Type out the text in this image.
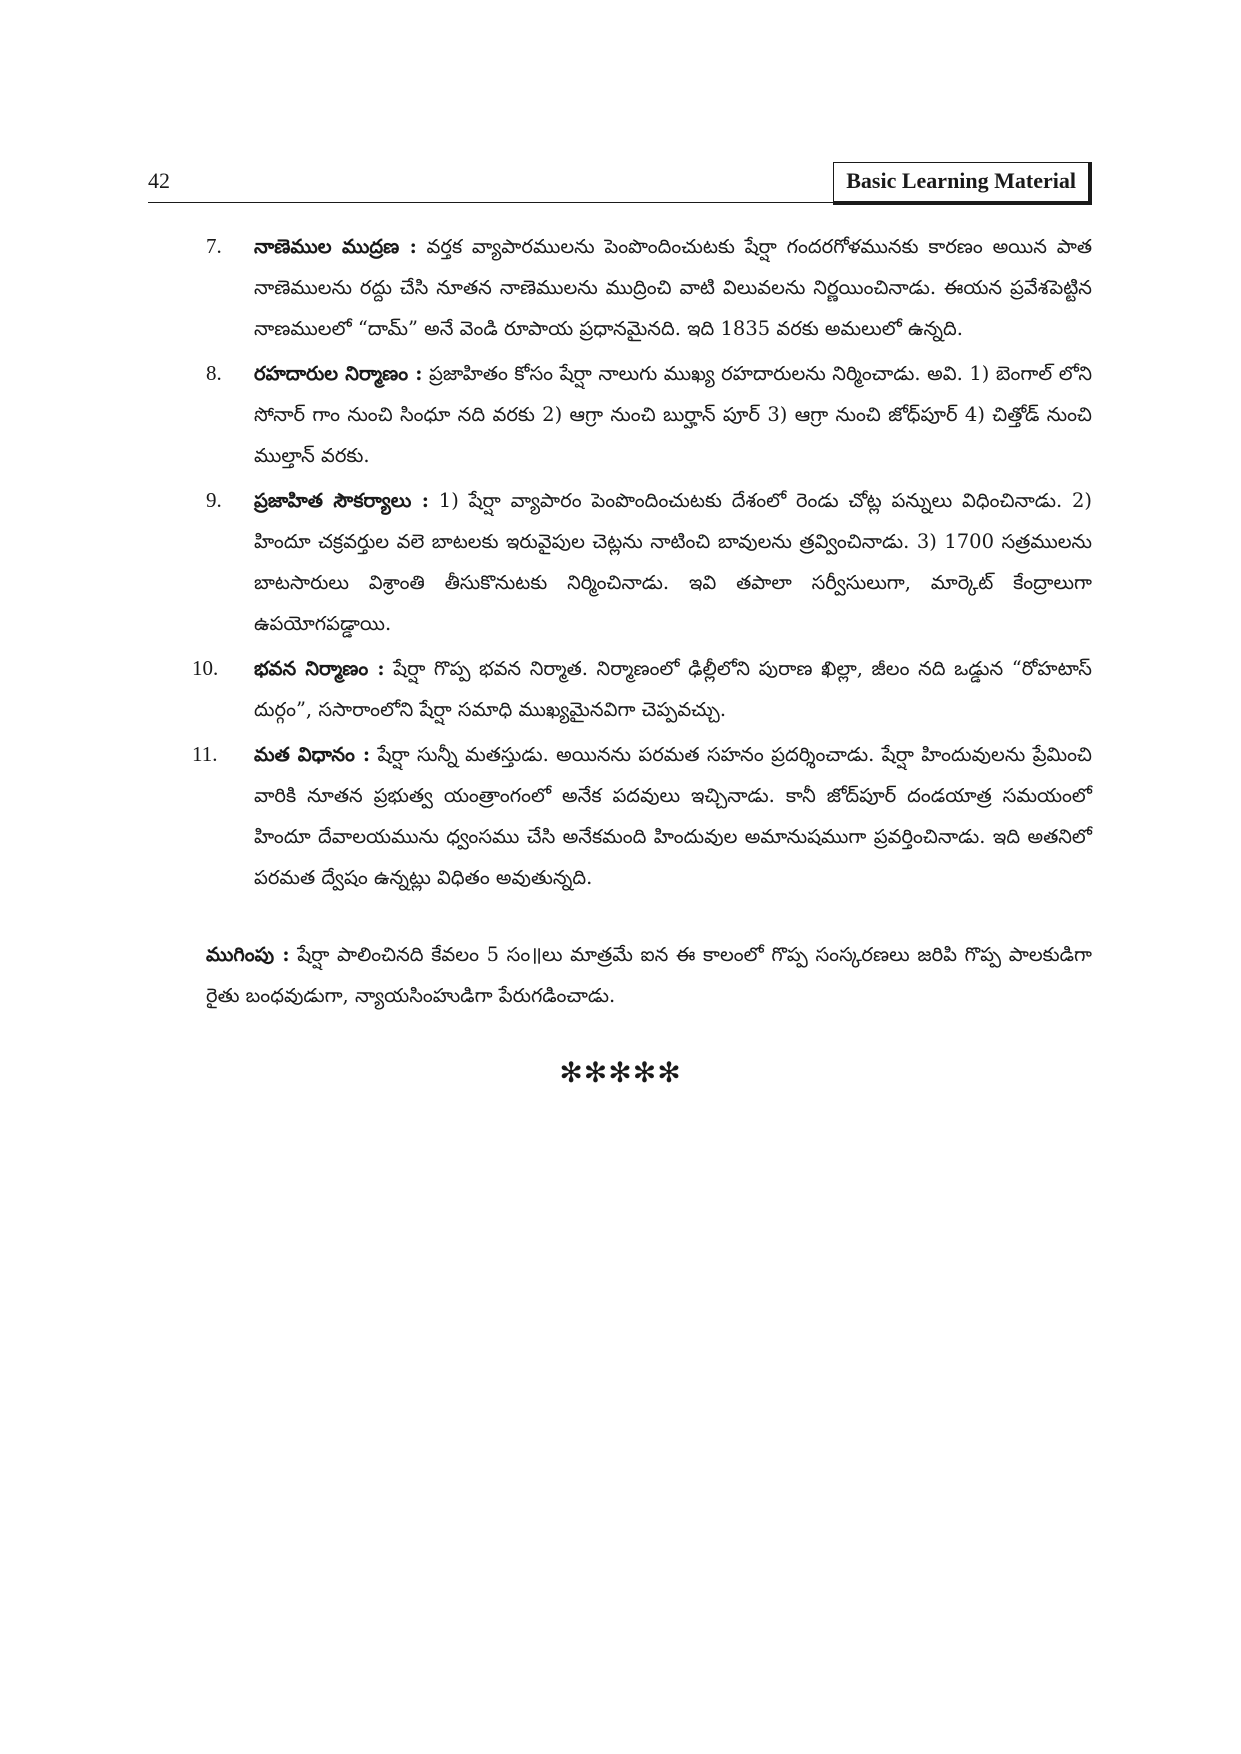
42	Basic Learning Material
7. నాణెముల ముద్రణ : వర్తక వ్యాపారములను పెంపొందించుటకు షేర్షా గందరగోళమునకు కారణం అయిన పాత నాణెములను రద్దు చేసి నూతన నాణెములను ముద్రించి వాటి విలువలను నిర్ణయించినాడు. ఈయన ప్రవేశపెట్టిన నాణములలో “దామ్” అనే వెండి రూపాయ ప్రధానమైనది. ఇది 1835 వరకు అమలులో ఉన్నది.
8. రహదారుల నిర్మాణం : ప్రజాహితం కోసం షేర్షా నాలుగు ముఖ్య రహదారులను నిర్మించాడు. అవి. 1) బెంగాల్ లోని సోనార్ గాం నుంచి సింధూ నది వరకు 2) ఆగ్రా నుంచి బుర్హాన్ పూర్ 3) ఆగ్రా నుంచి జోధ్‌పూర్ 4) చిత్తోడ్ నుంచి ముల్తాన్ వరకు.
9. ప్రజాహిత సౌకర్యాలు : 1) షేర్షా వ్యాపారం పెంపొందించుటకు దేశంలో రెండు చోట్ల పన్నులు విధించినాడు. 2) హిందూ చక్రవర్తుల వలె బాటలకు ఇరువైపుల చెట్లను నాటించి బావులను త్రవ్వించినాడు. 3) 1700 సత్రములను బాటసారులు విశ్రాంతి తీసుకొనుటకు నిర్మించినాడు. ఇవి తపాలా సర్వీసులుగా, మార్కెట్ కేంద్రాలుగా ఉపయోగపడ్డాయి.
10. భవన నిర్మాణం : షేర్షా గొప్ప భవన నిర్మాత. నిర్మాణంలో ఢిల్లీలోని పురాణ ఖిల్లా, జీలం నది ఒడ్డున “రోహటాస్ దుర్గం”, ససారాంలోని షేర్షా సమాధి ముఖ్యమైనవిగా చెప్పవచ్చు.
11. మత విధానం : షేర్షా సున్నీ మతస్తుడు. అయినను పరమత సహనం ప్రదర్శించాడు. షేర్షా హిందువులను ప్రేమించి వారికి నూతన ప్రభుత్వ యంత్రాంగంలో అనేక పదవులు ఇచ్చినాడు. కానీ జోద్‌పూర్ దండయాత్ర సమయంలో హిందూ దేవాలయమును ధ్వంసము చేసి అనేకమంది హిందువుల అమానుషముగా ప్రవర్తించినాడు. ఇది అతనిలో పరమత ద్వేషం ఉన్నట్లు విధితం అవుతున్నది.
ముగింపు : షేర్షా పాలించినది కేవలం 5 సం॥లు మాత్రమే ఐన ఈ కాలంలో గొప్ప సంస్కరణలు జరిపి గొప్ప పాలకుడిగా రైతు బంధవుడుగా, న్యాయసింహుడిగా పేరుగడించాడు.
✻✻✻✻✻
